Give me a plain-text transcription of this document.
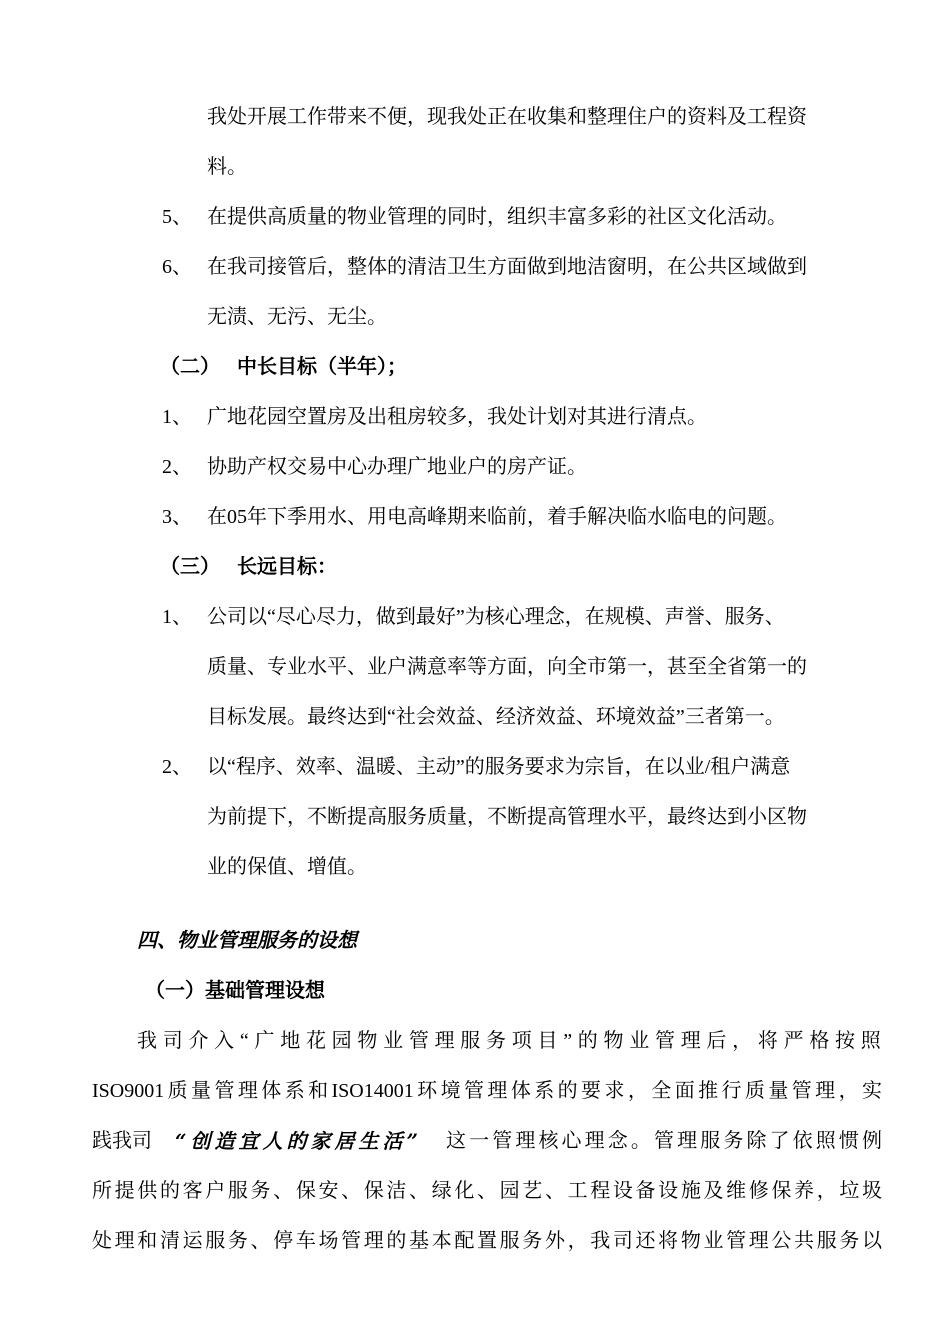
我处开展工作带来不便，现我处正在收集和整理住户的资料及工程资
料。
5、 在提供高质量的物业管理的同时，组织丰富多彩的社区文化活动。
6、 在我司接管后，整体的清洁卫生方面做到地洁窗明，在公共区域做到
无渍、无污、无尘。
（二） 中长目标（半年）；
1、 广地花园空置房及出租房较多，我处计划对其进行清点。
2、 协助产权交易中心办理广地业户的房产证。
3、 在05年下季用水、用电高峰期来临前，着手解决临水临电的问题。
（三） 长远目标：
1、 公司以“尽心尽力，做到最好”为核心理念，在规模、声誉、服务、
质量、专业水平、业户满意率等方面，向全市第一，甚至全省第一的
目标发展。最终达到“社会效益、经济效益、环境效益”三者第一。
2、 以“程序、效率、温暖、主动”的服务要求为宗旨，在以业/租户满意
为前提下，不断提高服务质量，不断提高管理水平，最终达到小区物
业的保值、增值。
四、物业管理服务的设想
（一）基础管理设想
我司介入“广地花园物业管理服务项目”的物业管理后，将严格按照
ISO9001质量管理体系和ISO14001环境管理体系的要求，全面推行质量管理，实
践我司 “创造宜人的家居生活” 这一管理核心理念。管理服务除了依照惯例
所提供的客户服务、保安、保洁、绿化、园艺、工程设备设施及维修保养，垃圾
处理和清运服务、停车场管理的基本配置服务外，我司还将物业管理公共服务以
